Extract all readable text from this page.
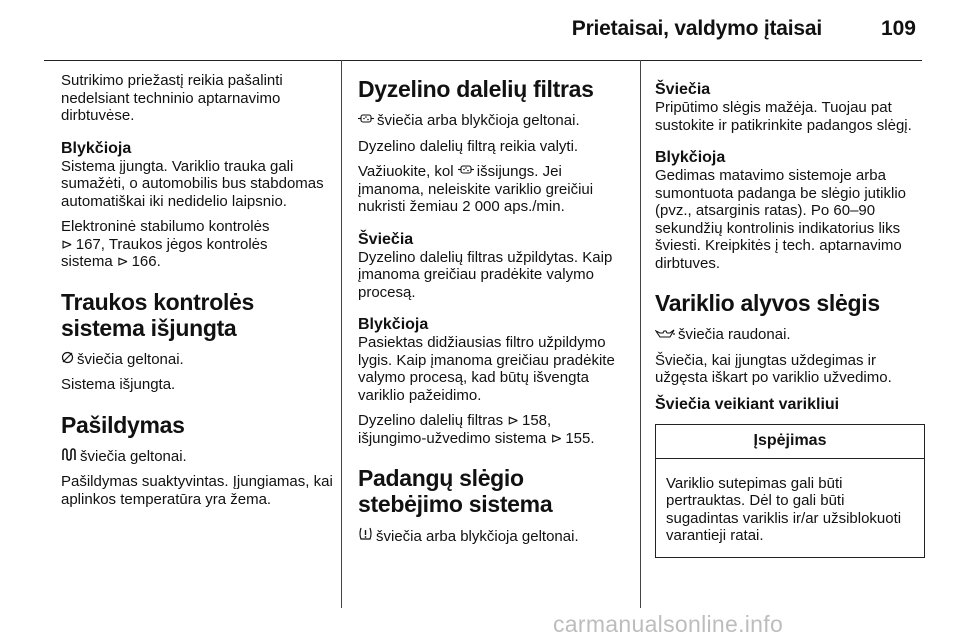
Prietaisai, valdymo įtaisai	109

Sutrikimo priežastį reikia pašalinti nedelsiant techninio aptarnavimo dirbtuvėse.

Blykčioja

Sistema įjungta. Variklio trauka gali sumažėti, o automobilis bus stabdomas automatiškai iki nedidelio laipsnio.

Elektroninė stabilumo kontrolės
⊳ 167, Traukos jėgos kontrolės
sistema ⊳ 166.

Traukos kontrolės sistema išjungta

šviečia geltonai.

Sistema išjungta.

Pašildymas

šviečia geltonai.

Pašildymas suaktyvintas. Įjungiamas, kai aplinkos temperatūra yra žema.

Dyzelino dalelių filtras

šviečia arba blykčioja geltonai.

Dyzelino dalelių filtrą reikia valyti.

Važiuokite, kol išsijungs. Jei įmanoma, neleiskite variklio greičiui nukristi žemiau 2 000 aps./min.

Šviečia

Dyzelino dalelių filtras užpildytas. Kaip įmanoma greičiau pradėkite valymo procesą.

Blykčioja

Pasiektas didžiausias filtro užpildymo lygis. Kaip įmanoma greičiau pradėkite valymo procesą, kad būtų išvengta variklio pažeidimo.

Dyzelino dalelių filtras ⊳ 158,
išjungimo-užvedimo sistema ⊳ 155.

Padangų slėgio stebėjimo sistema

šviečia arba blykčioja geltonai.

Šviečia

Pripūtimo slėgis mažėja. Tuojau pat sustokite ir patikrinkite padangos slėgį.

Blykčioja

Gedimas matavimo sistemoje arba sumontuota padanga be slėgio jutiklio (pvz., atsarginis ratas). Po 60–90 sekundžių kontrolinis indikatorius liks šviesti. Kreipkitės į tech. aptarnavimo dirbtuves.

Variklio alyvos slėgis

šviečia raudonai.

Šviečia, kai įjungtas uždegimas ir užgęsta iškart po variklio užvedimo.

Šviečia veikiant varikliui
Įspėjimas
Variklio sutepimas gali būti pertrauktas. Dėl to gali būti sugadintas variklis ir/ar užsiblokuoti varantieji ratai.
carmanualsonline.info
